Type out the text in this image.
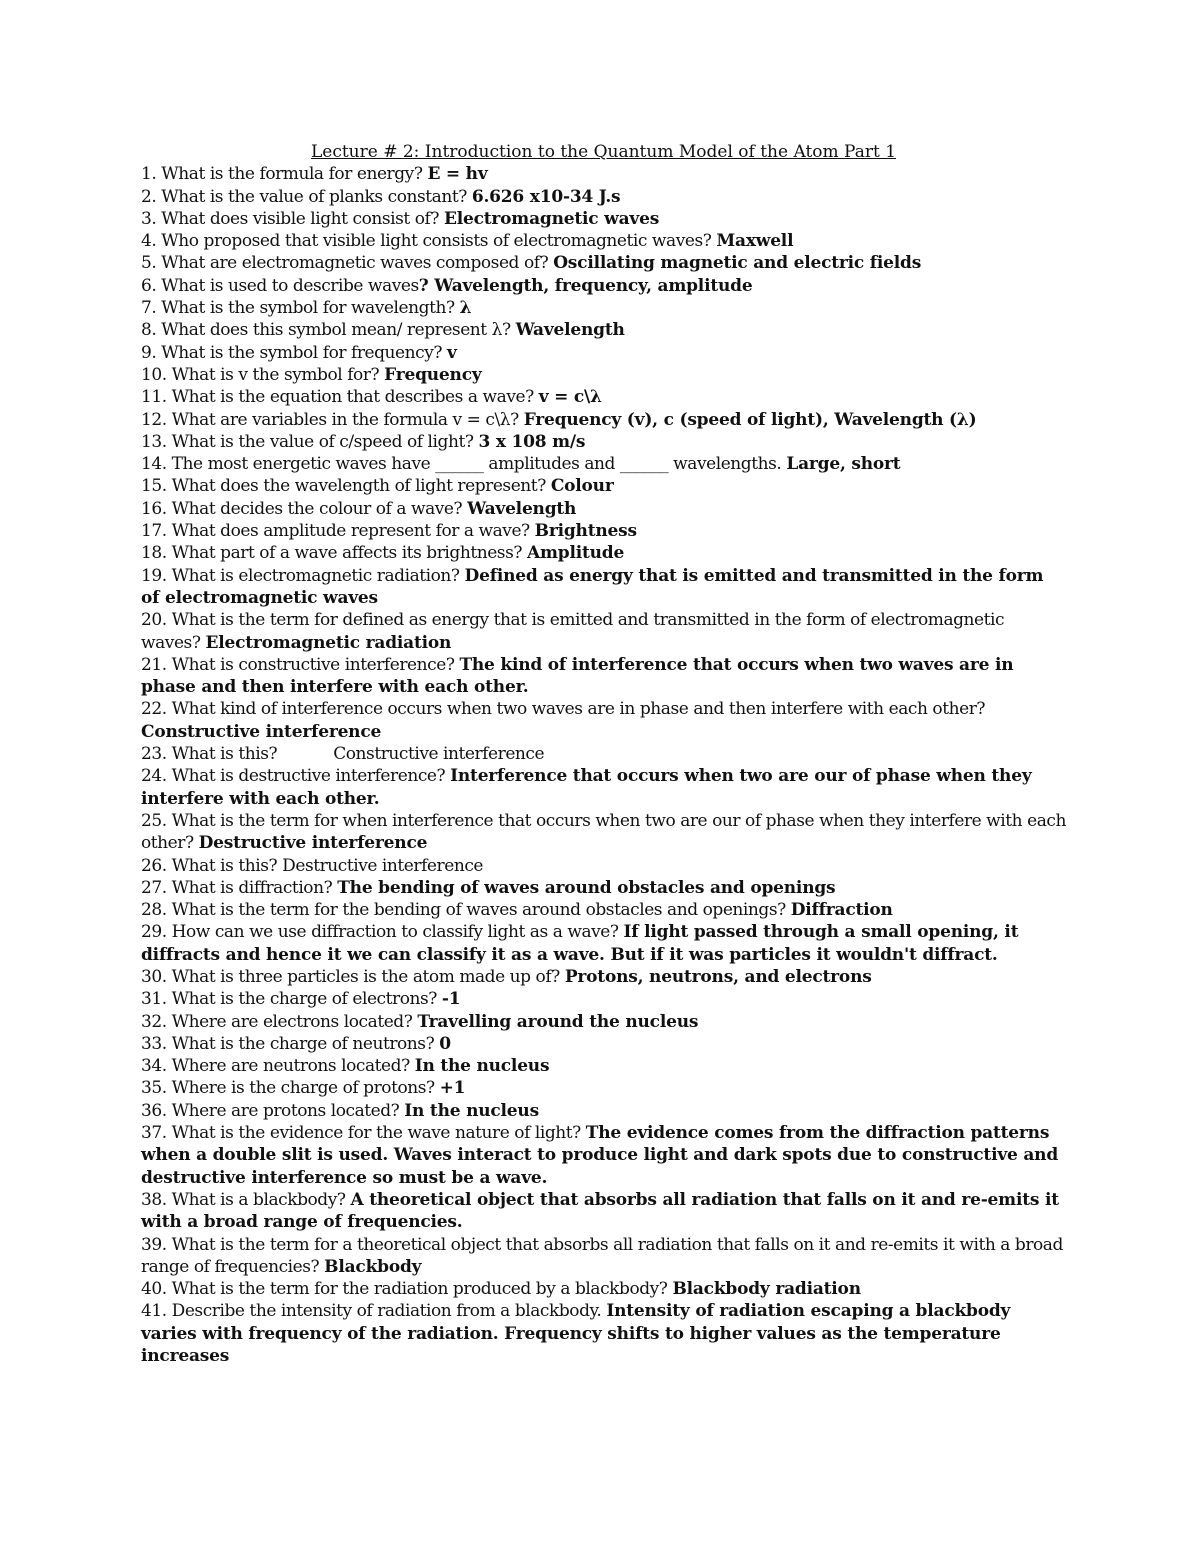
Lecture # 2: Introduction to the Quantum Model of the Atom Part 1

1. What is the formula for energy? E = hv

2. What is the value of planks constant? 6.626 x10-34 J.s

3. What does visible light consist of? Electromagnetic waves

4. Who proposed that visible light consists of electromagnetic waves? Maxwell

5. What are electromagnetic waves composed of? Oscillating magnetic and electric fields

6. What is used to describe waves? Wavelength, frequency, amplitude

7. What is the symbol for wavelength? λ

8. What does this symbol mean/ represent λ? Wavelength

9. What is the symbol for frequency? v

10. What is v the symbol for? Frequency

11. What is the equation that describes a wave? v = c\λ

12. What are variables in the formula v = c\λ? Frequency (v), c (speed of light), Wavelength (λ)

13. What is the value of c/speed of light? 3 x 108 m/s

14. The most energetic waves have ______ amplitudes and ______ wavelengths. Large, short

15. What does the wavelength of light represent? Colour

16. What decides the colour of a wave? Wavelength

17. What does amplitude represent for a wave? Brightness

18. What part of a wave affects its brightness? Amplitude

19. What is electromagnetic radiation? Defined as energy that is emitted and transmitted in the form of electromagnetic waves

20. What is the term for defined as energy that is emitted and transmitted in the form of electromagnetic waves? Electromagnetic radiation

21. What is constructive interference? The kind of interference that occurs when two waves are in phase and then interfere with each other.

22. What kind of interference occurs when two waves are in phase and then interfere with each other? Constructive interference

23. What is this?	Constructive interference

24. What is destructive interference? Interference that occurs when two are our of phase when they interfere with each other.

25. What is the term for when interference that occurs when two are our of phase when they interfere with each other? Destructive interference

26. What is this? Destructive interference

27. What is diffraction? The bending of waves around obstacles and openings

28. What is the term for the bending of waves around obstacles and openings? Diffraction

29. How can we use diffraction to classify light as a wave? If light passed through a small opening, it diffracts and hence it we can classify it as a wave. But if it was particles it wouldn't diffract.

30. What is three particles is the atom made up of? Protons, neutrons, and electrons

31. What is the charge of electrons? -1

32. Where are electrons located? Travelling around the nucleus

33. What is the charge of neutrons? 0

34. Where are neutrons located? In the nucleus

35. Where is the charge of protons? +1

36. Where are protons located? In the nucleus

37. What is the evidence for the wave nature of light? The evidence comes from the diffraction patterns when a double slit is used. Waves interact to produce light and dark spots due to constructive and destructive interference so must be a wave.

38. What is a blackbody? A theoretical object that absorbs all radiation that falls on it and re-emits it with a broad range of frequencies.

39. What is the term for a theoretical object that absorbs all radiation that falls on it and re-emits it with a broad range of frequencies? Blackbody

40. What is the term for the radiation produced by a blackbody? Blackbody radiation

41. Describe the intensity of radiation from a blackbody. Intensity of radiation escaping a blackbody varies with frequency of the radiation. Frequency shifts to higher values as the temperature increases
